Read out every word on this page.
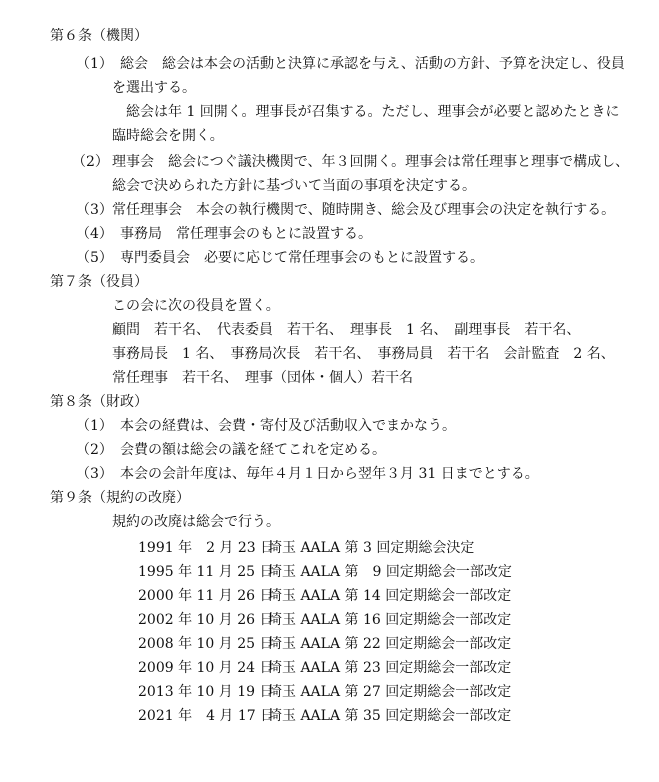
第６条（機関）
（1） 総会　総会は本会の活動と決算に承認を与え、活動の方針、予算を決定し、役員
を選出する。
総会は年 1 回開く。理事長が召集する。ただし、理事会が必要と認めたときに
臨時総会を開く。
（2） 理事会　総会につぐ議決機関で、年３回開く。理事会は常任理事と理事で構成し、
総会で決められた方針に基づいて当面の事項を決定する。
（3） 常任理事会　本会の執行機関で、随時開き、総会及び理事会の決定を執行する。
（4） 事務局　常任理事会のもとに設置する。
（5） 専門委員会　必要に応じて常任理事会のもとに設置する。
第７条（役員）
この会に次の役員を置く。
顧問　若干名、　代表委員　若干名、　理事長　1 名、　副理事長　若干名、
事務局長　1 名、　事務局次長　若干名、　事務局員　若干名　会計監査　2 名、
常任理事　若干名、　理事（団体・個人）若干名
第８条（財政）
（1） 本会の経費は、会費・寄付及び活動収入でまかなう。
（2） 会費の額は総会の議を経てこれを定める。
（3） 本会の会計年度は、毎年４月１日から翌年３月 31 日までとする。
第９条（規約の改廃）
規約の改廃は総会で行う。
1991 年　2 月 23 日埼玉 AALA 第 3 回定期総会決定
1995 年 11 月 25 日埼玉 AALA 第　9 回定期総会一部改定
2000 年 11 月 26 日埼玉 AALA 第 14 回定期総会一部改定
2002 年 10 月 26 日埼玉 AALA 第 16 回定期総会一部改定
2008 年 10 月 25 日埼玉 AALA 第 22 回定期総会一部改定
2009 年 10 月 24 日埼玉 AALA 第 23 回定期総会一部改定
2013 年 10 月 19 日埼玉 AALA 第 27 回定期総会一部改定
2021 年　4 月 17 日埼玉 AALA 第 35 回定期総会一部改定
